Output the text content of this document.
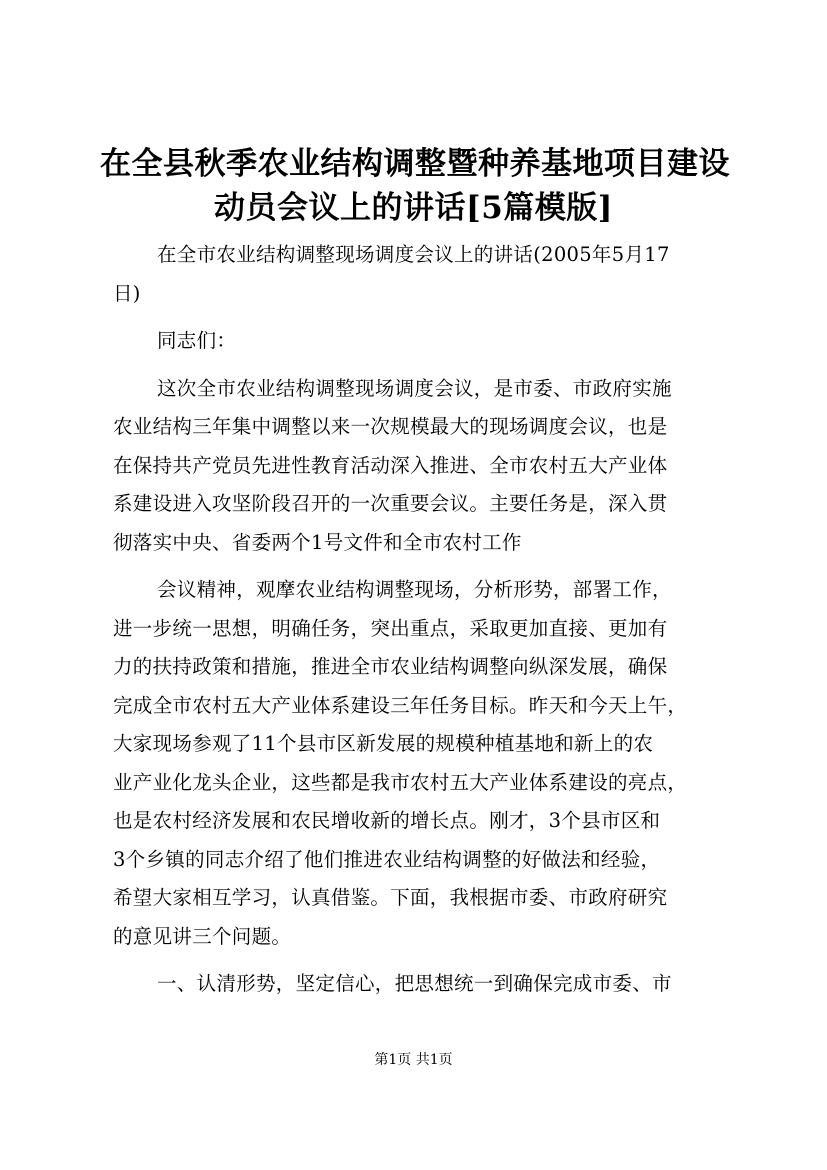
在全县秋季农业结构调整暨种养基地项目建设
动员会议上的讲话[5篇模版]
在全市农业结构调整现场调度会议上的讲话(2005年5月17
日)
同志们：
这次全市农业结构调整现场调度会议，是市委、市政府实施
农业结构三年集中调整以来一次规模最大的现场调度会议，也是
在保持共产党员先进性教育活动深入推进、全市农村五大产业体
系建设进入攻坚阶段召开的一次重要会议。主要任务是，深入贯
彻落实中央、省委两个1号文件和全市农村工作
会议精神，观摩农业结构调整现场，分析形势，部署工作，
进一步统一思想，明确任务，突出重点，采取更加直接、更加有
力的扶持政策和措施，推进全市农业结构调整向纵深发展，确保
完成全市农村五大产业体系建设三年任务目标。昨天和今天上午，
大家现场参观了11个县市区新发展的规模种植基地和新上的农
业产业化龙头企业，这些都是我市农村五大产业体系建设的亮点，
也是农村经济发展和农民增收新的增长点。刚才，3个县市区和
3个乡镇的同志介绍了他们推进农业结构调整的好做法和经验，
希望大家相互学习，认真借鉴。下面，我根据市委、市政府研究
的意见讲三个问题。
一、认清形势，坚定信心，把思想统一到确保完成市委、市
第1页 共1页
